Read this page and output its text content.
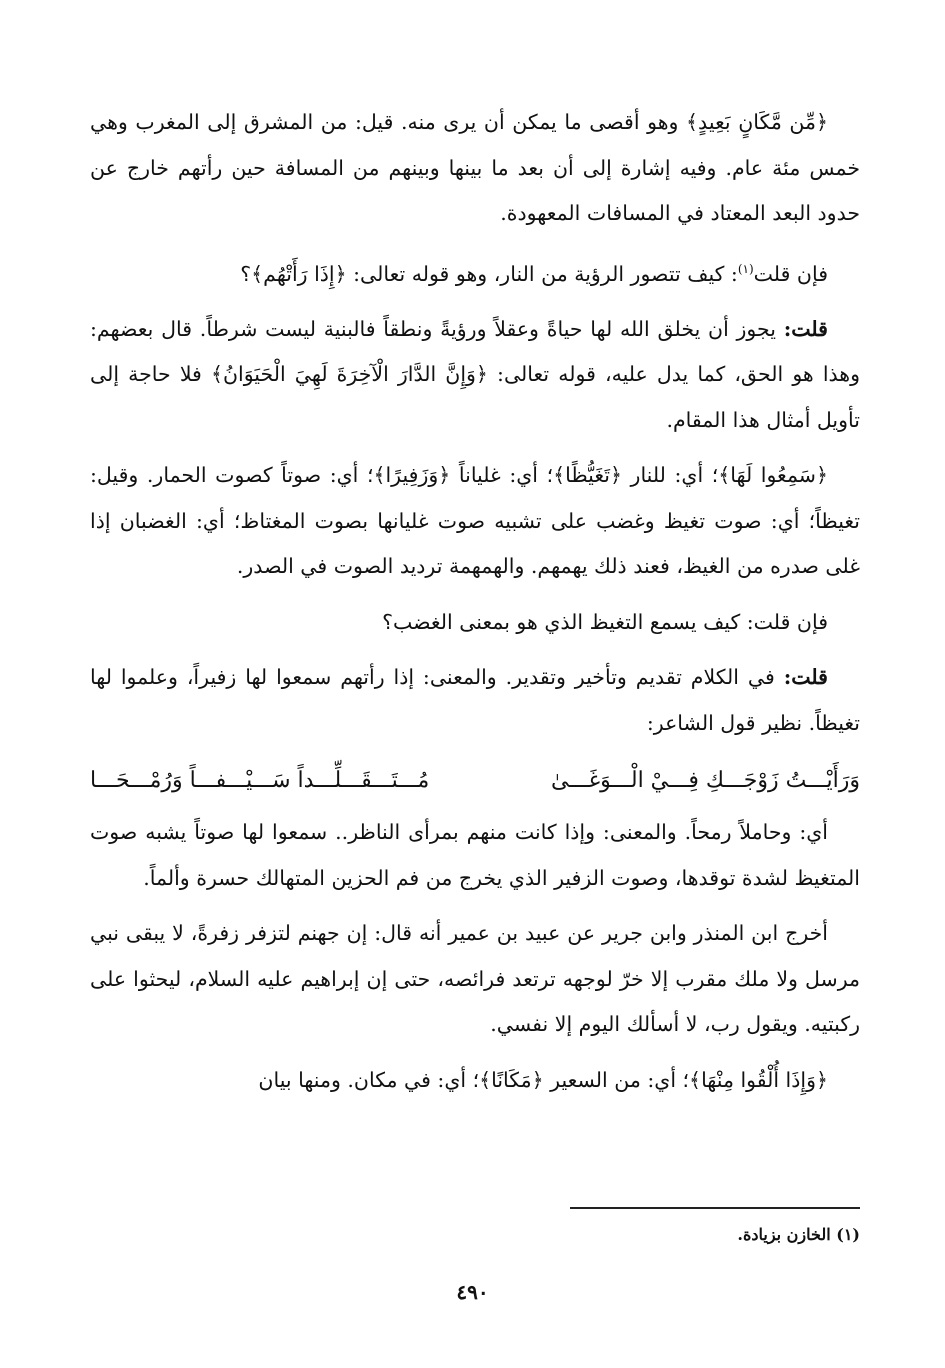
﴿مِّن مَّكَانٍ بَعِيدٍ﴾ وهو أقصى ما يمكن أن يرى منه. قيل: من المشرق إلى المغرب وهي خمس مئة عام. وفيه إشارة إلى أن بعد ما بينها وبينهم من المسافة حين رأتهم خارج عن حدود البعد المعتاد في المسافات المعهودة.

فإن قلت$^{(١)}$: كيف تتصور الرؤية من النار، وهو قوله تعالى: ﴿إِذَا رَأَتْهُم﴾؟

قلت: يجوز أن يخلق الله لها حياةً وعقلاً ورؤيةً ونطقاً فالبنية ليست شرطاً. قال بعضهم: وهذا هو الحق، كما يدل عليه، قوله تعالى: ﴿وَإِنَّ الدَّارَ الْآخِرَةَ لَهِيَ الْحَيَوَانُ﴾ فلا حاجة إلى تأويل أمثال هذا المقام.

﴿سَمِعُوا لَهَا﴾؛ أي: للنار ﴿تَغَيُّظًا﴾؛ أي: غلياناً ﴿وَزَفِيرًا﴾؛ أي: صوتاً كصوت الحمار. وقيل: تغيظاً؛ أي: صوت تغيظ وغضب على تشبيه صوت غليانها بصوت المغتاظ؛ أي: الغضبان إذا غلى صدره من الغيظ، فعند ذلك يهمهم. والهمهمة ترديد الصوت في الصدر.

فإن قلت: كيف يسمع التغيظ الذي هو بمعنى الغضب؟

قلت: في الكلام تقديم وتأخير وتقدير. والمعنى: إذا رأتهم سمعوا لها زفيراً، وعلموا لها تغيظاً. نظير قول الشاعر:

وَرَأَيْـــتُ زَوْجَـــكِ فِـــيْ الْـــوَغَـــىٰ
مُـــتَـــقَـــلِّـــداً سَـــيْـــفـــاً وَرُمْـــحَـــا

أي: وحاملاً رمحاً. والمعنى: وإذا كانت منهم بمرأى الناظر.. سمعوا لها صوتاً يشبه صوت المتغيظ لشدة توقدها، وصوت الزفير الذي يخرج من فم الحزين المتهالك حسرة وألماً.

أخرج ابن المنذر وابن جرير عن عبيد بن عمير أنه قال: إن جهنم لتزفر زفرةً، لا يبقى نبي مرسل ولا ملك مقرب إلا خرّ لوجهه ترتعد فرائصه، حتى إن إبراهيم عليه السلام، ليحثوا على ركبتيه. ويقول رب، لا أسألك اليوم إلا نفسي.

﴿وَإِذَا أُلْقُوا مِنْهَا﴾؛ أي: من السعير ﴿مَكَانًا﴾؛ أي: في مكان. ومنها بيان

(١) الخازن بزيادة.
٤٩٠
